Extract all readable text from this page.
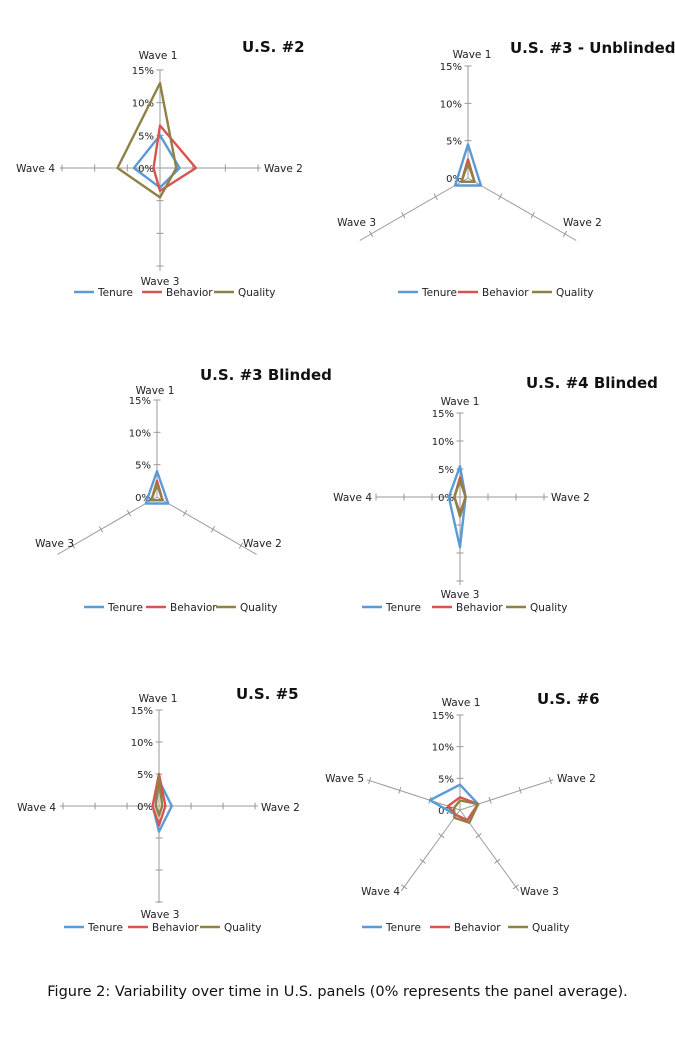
0%
5%
10%
15%
Wave 1
Wave 2
Wave 3
Wave 4
U.S. #2
Tenure	Behavior Quality
0%
5%
10%
15%
Wave 1
Wave 2
Wave 3
U.S. #3 - Unblinded
Tenure Behavior	Quality
0%
5%
10%
15%
Wave 1
Wave 2
Wave 3
U.S. #3 Blinded
Tenure	Behavior Quality
0%
5%
10%
15%
Wave 1
Wave 2
Wave 3
Wave 4
U.S. #4 Blinded
Tenure	Behavior	Quality
0%
5%
10%
15%
Wave 1
Wave 2
Wave 3
Wave 4
U.S. #5
Tenure	Behavior Quality
0%
5%
10%
15%
Wave 1
Wave 2
Wave 3
Wave 4
Wave 5
U.S. #6
Tenure	Behavior	Quality
Figure 2: Variability over time in U.S. panels (0% represents the panel average).
